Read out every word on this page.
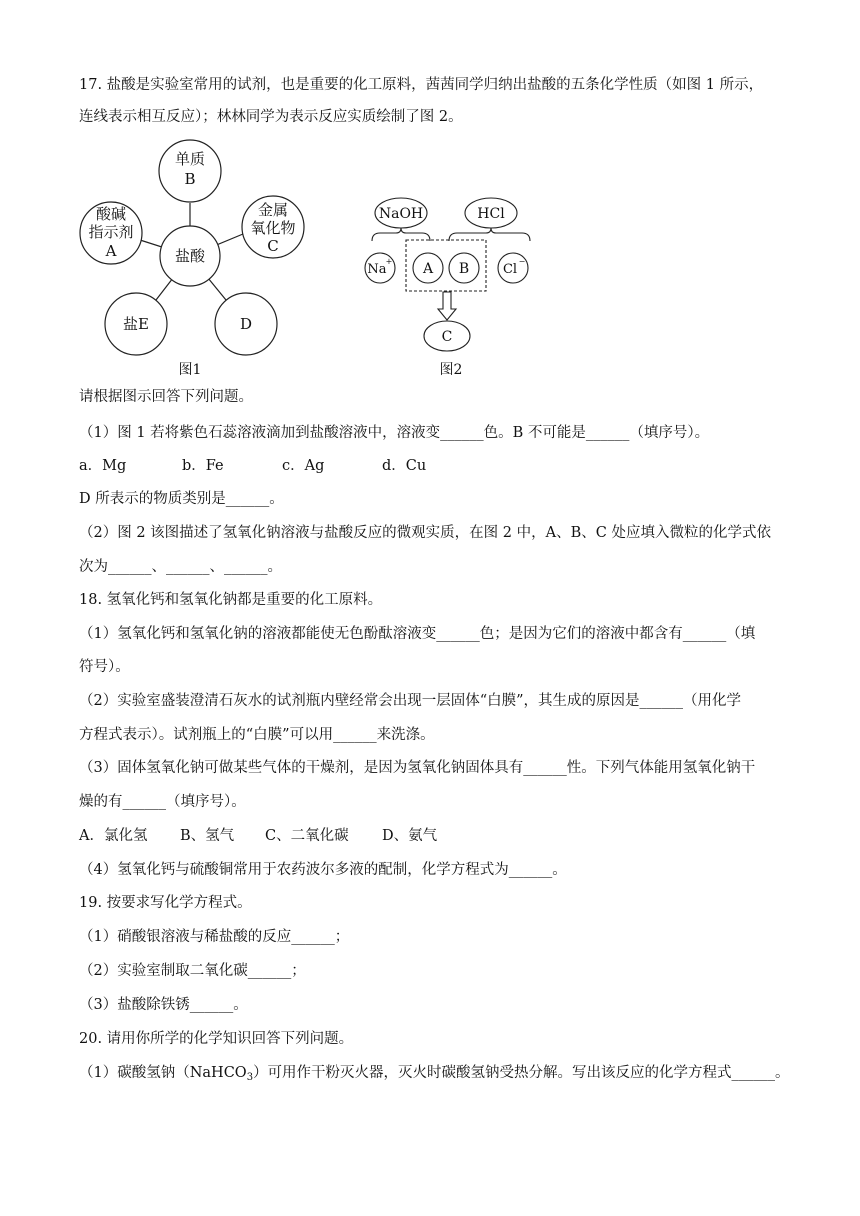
17. 盐酸是实验室常用的试剂，也是重要的化工原料，茜茜同学归纳出盐酸的五条化学性质（如图 1 所示，
连线表示相互反应）；林林同学为表示反应实质绘制了图 2。
盐酸
单质
B
酸碱
指示剂
A
金属
氧化物
C
盐E	D
图1
NaOH	HCl
Na
+ A B	Cl
−
C
图2
请根据图示回答下列问题。
（1）图 1 若将紫色石蕊溶液滴加到盐酸溶液中，溶液变______色。B 不可能是______（填序号）。
a．Mg	b．Fe	c．Ag	d．Cu
D 所表示的物质类别是______。
（2）图 2 该图描述了氢氧化钠溶液与盐酸反应的微观实质，在图 2 中，A、B、C 处应填入微粒的化学式依
次为______、______、______。
18. 氢氧化钙和氢氧化钠都是重要的化工原料。
（1）氢氧化钙和氢氧化钠的溶液都能使无色酚酞溶液变______色；是因为它们的溶液中都含有______（填
符号）。
（2）实验室盛装澄清石灰水的试剂瓶内壁经常会出现一层固体“白膜”，其生成的原因是______（用化学
方程式表示）。试剂瓶上的“白膜”可以用______来洗涤。
（3）固体氢氧化钠可做某些气体的干燥剂，是因为氢氧化钠固体具有______性。下列气体能用氢氧化钠干
燥的有______（填序号）。
A．氯化氢 B、氢气 C、二氧化碳 D、氨气
（4）氢氧化钙与硫酸铜常用于农药波尔多液的配制，化学方程式为______。
19. 按要求写化学方程式。
（1）硝酸银溶液与稀盐酸的反应______；
（2）实验室制取二氧化碳______；
（3）盐酸除铁锈______。
20. 请用你所学的化学知识回答下列问题。
（1）碳酸氢钠（NaHCO$_3$）可用作干粉灭火器，灭火时碳酸氢钠受热分解。写出该反应的化学方程式______。
